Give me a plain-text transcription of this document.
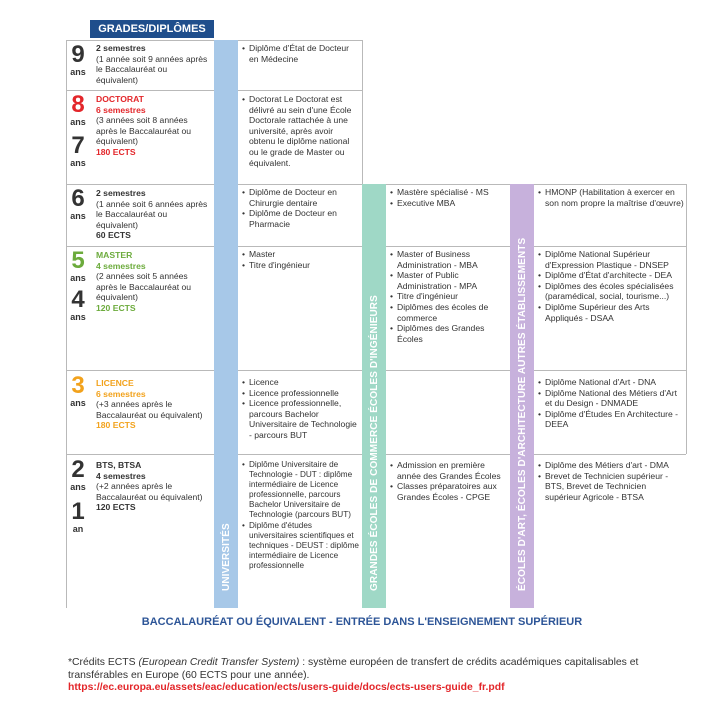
GRADES/DIPLÔMES
UNIVERSITÉS	GRANDES ÉCOLES DE COMMERCE ÉCOLES D'INGÉNIEURS	ÉCOLES D'ART, ÉCOLES D'ARCHITECTURE AUTRES ÉTABLISSEMENTS
9
ans
8
ans
7
ans
6
ans
5
ans
4
ans
3
ans
2
ans
1
an
2 semestres
(1 année soit 9 années après le Baccalauréat ou équivalent)
DOCTORAT
6 semestres
(3 années soit 8 années après le Baccalauréat ou équivalent)
180 ECTS
2 semestres
(1 année soit 6 années après le Baccalauréat ou équivalent)
60 ECTS
MASTER
4 semestres
(2 années soit 5 années après le Baccalauréat ou équivalent)
120 ECTS
LICENCE
6 semestres
(+3 années après le Baccalauréat ou équivalent)
180 ECTS
BTS, BTSA
4 semestres
(+2 années après le Baccalauréat ou équivalent)
120 ECTS
• Diplôme d'État de Docteur en Médecine
• Doctorat Le Doctorat est délivré au sein d'une École Doctorale rattachée à une université, après avoir obtenu le diplôme national ou le grade de Master ou équivalent.
• Diplôme de Docteur en Chirurgie dentaire
• Diplôme de Docteur en Pharmacie
• Mastère spécialisé - MS
• Executive MBA
• HMONP (Habilitation à exercer en son nom propre la maîtrise d'œuvre)
• Master
• Titre d'ingénieur
• Master of Business Administration - MBA
• Master of Public Administration - MPA
• Titre d'ingénieur
• Diplômes des écoles de commerce
• Diplômes des Grandes Écoles
• Diplôme National Supérieur d'Expression Plastique - DNSEP
• Diplôme d'État d'architecte - DEA
• Diplômes des écoles spécialisées (paramédical, social, tourisme...)
• Diplôme Supérieur des Arts Appliqués - DSAA
• Licence
• Licence professionnelle
• Licence professionnelle, parcours Bachelor Universitaire de Technologie - parcours BUT
• Diplôme National d'Art - DNA
• Diplôme National des Métiers d'Art et du Design - DNMADE
• Diplôme d'Études En Architecture - DEEA
• Diplôme Universitaire de Technologie - DUT : diplôme intermédiaire de Licence professionnelle, parcours Bachelor Universitaire de Technologie (parcours BUT)
• Diplôme d'études universitaires scientifiques et techniques - DEUST : diplôme intermédiaire de Licence professionnelle
• Admission en première année des Grandes Écoles
• Classes préparatoires aux Grandes Écoles - CPGE
• Diplôme des Métiers d'art - DMA
• Brevet de Technicien supérieur - BTS, Brevet de Technicien supérieur Agricole - BTSA
BACCALAURÉAT OU ÉQUIVALENT - ENTRÉE DANS L'ENSEIGNEMENT SUPÉRIEUR
*Crédits ECTS (European Credit Transfer System) : système européen de transfert de crédits académiques capitalisables et transférables en Europe (60 ECTS pour une année).
https://ec.europa.eu/assets/eac/education/ects/users-guide/docs/ects-users-guide_fr.pdf
